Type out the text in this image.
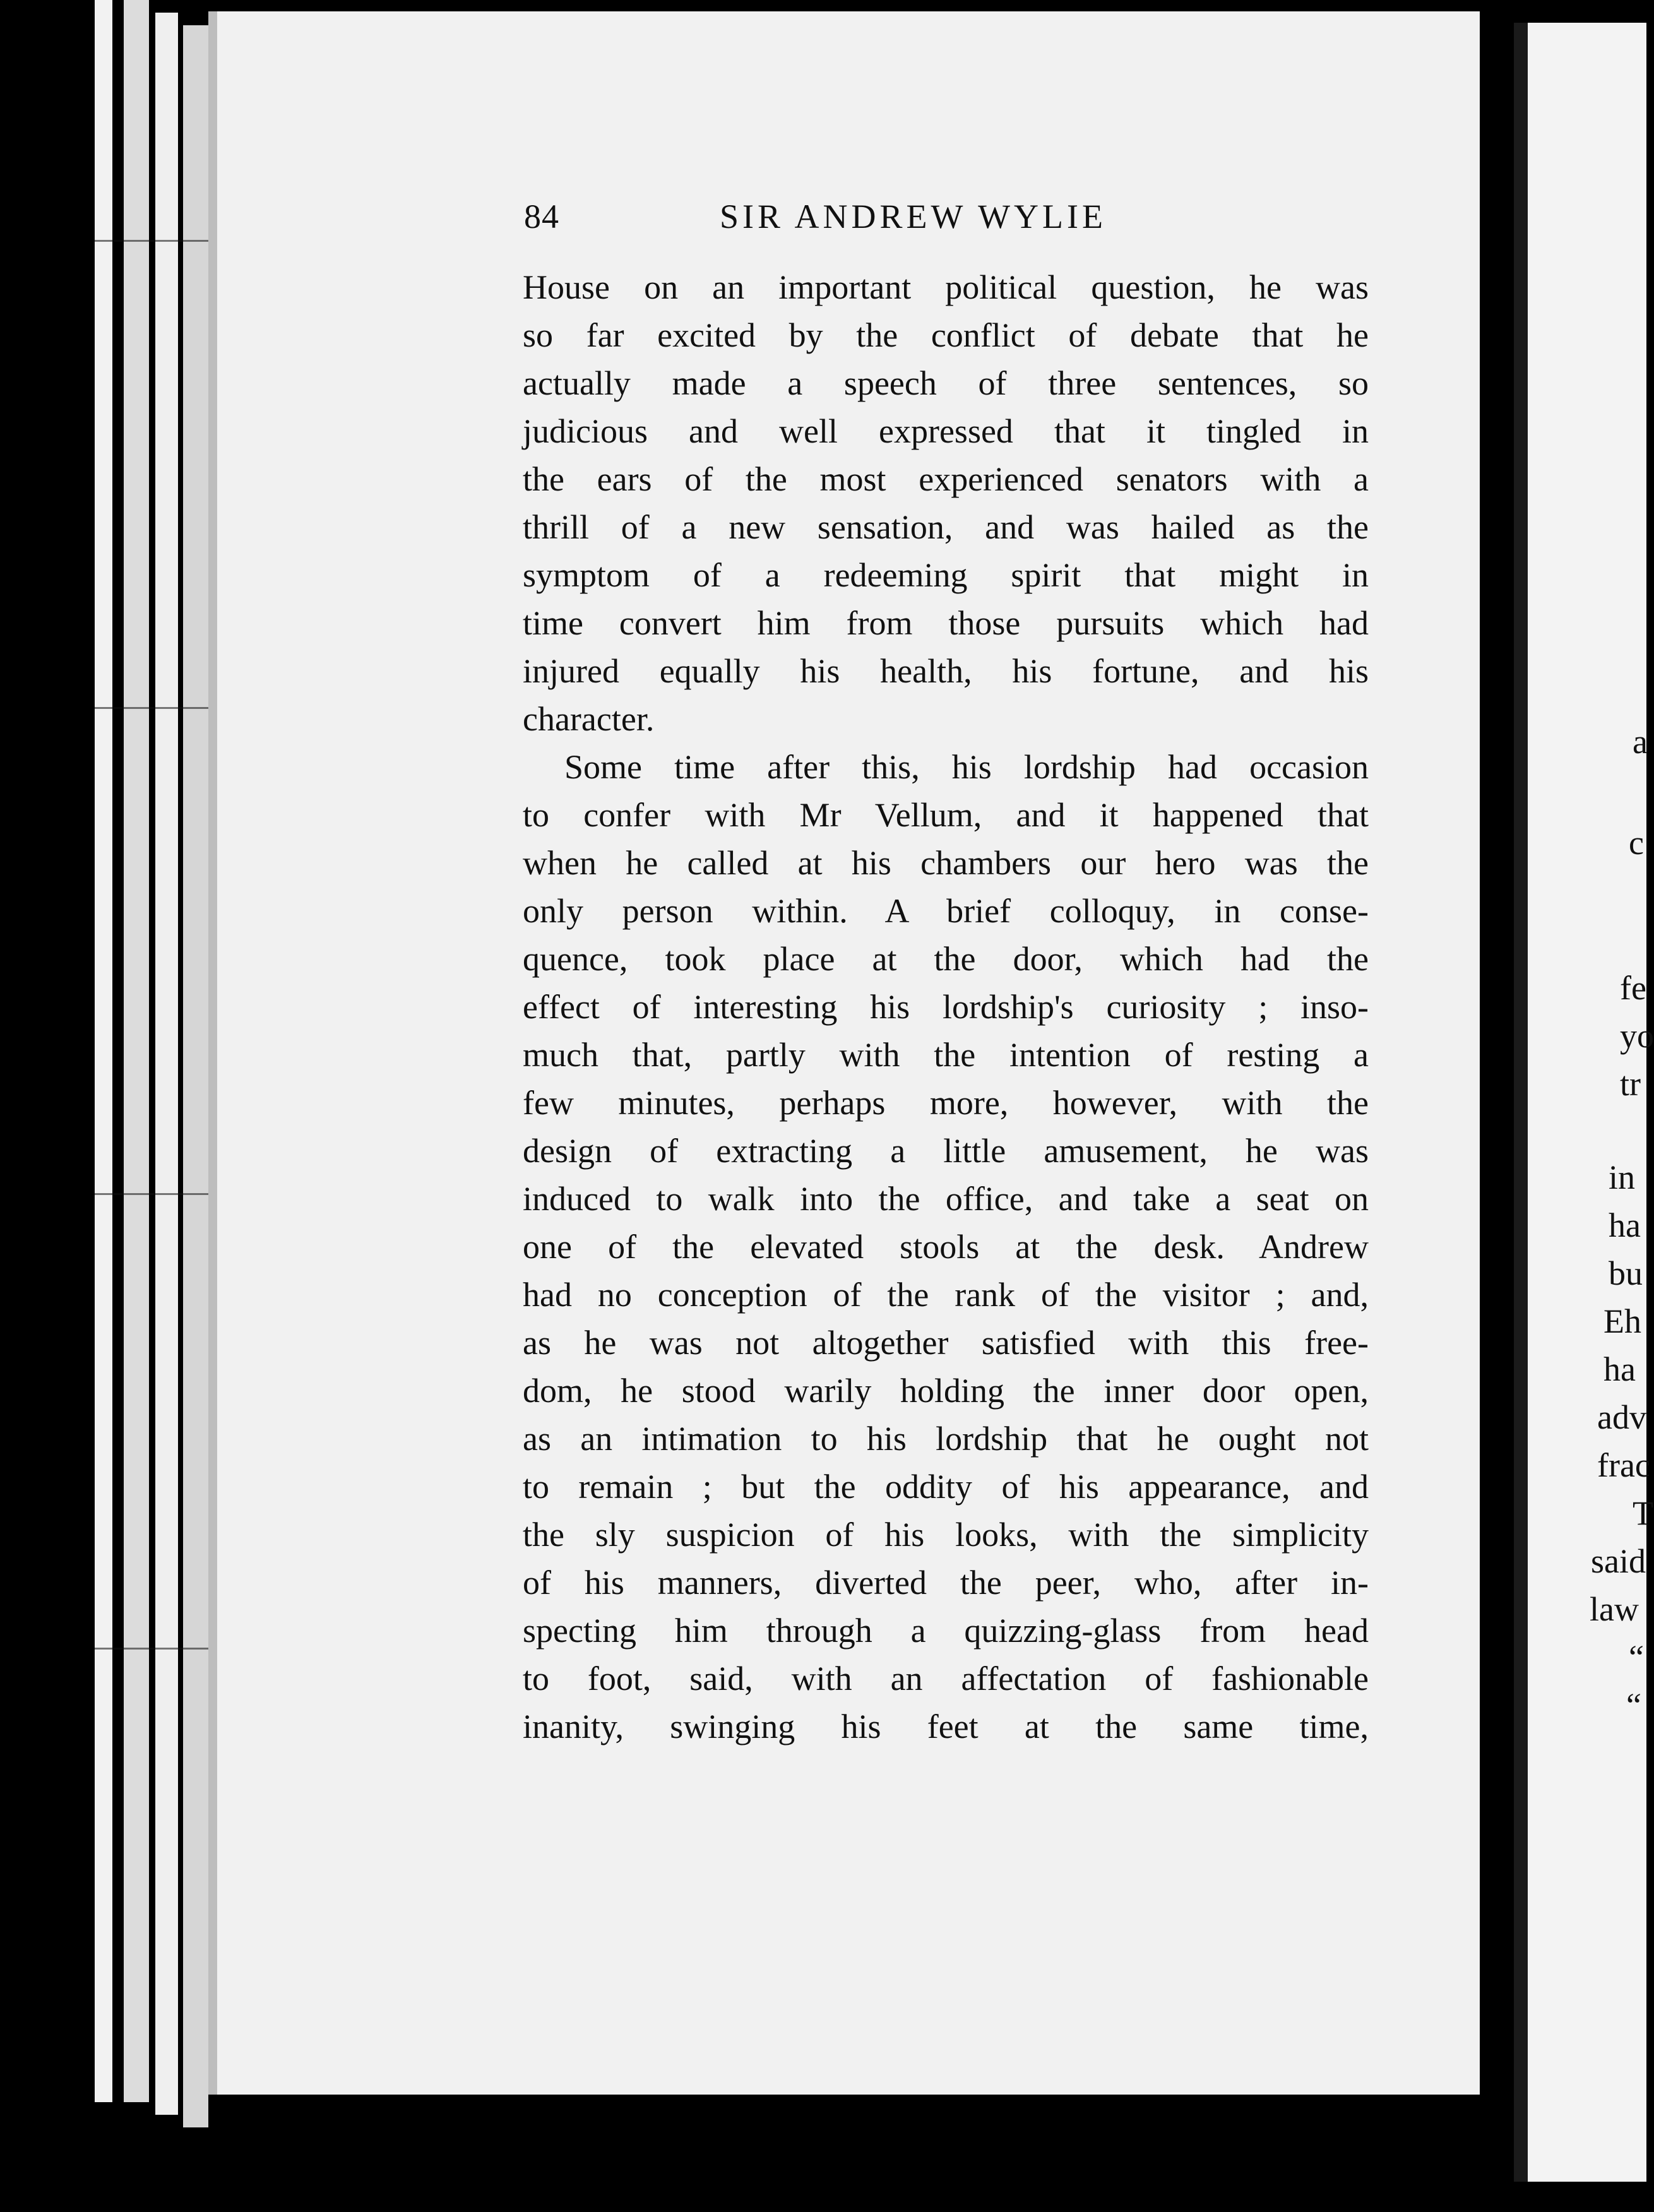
84	SIR ANDREW WYLIE
House on an important political question, he was
so far excited by the conflict of debate that he
actually made a speech of three sentences, so
judicious and well expressed that it tingled in
the ears of the most experienced senators with a
thrill of a new sensation, and was hailed as the
symptom of a redeeming spirit that might in
time convert him from those pursuits which had
injured equally his health, his fortune, and his
character.
Some time after this, his lordship had occasion
to confer with Mr Vellum, and it happened that
when he called at his chambers our hero was the
only person within. A brief colloquy, in conse-
quence, took place at the door, which had the
effect of interesting his lordship's curiosity ; inso-
much that, partly with the intention of resting a
few minutes, perhaps more, however, with the
design of extracting a little amusement, he was
induced to walk into the office, and take a seat on
one of the elevated stools at the desk. Andrew
had no conception of the rank of the visitor ; and,
as he was not altogether satisfied with this free-
dom, he stood warily holding the inner door open,
as an intimation to his lordship that he ought not
to remain ; but the oddity of his appearance, and
the sly suspicion of his looks, with the simplicity
of his manners, diverted the peer, who, after in-
specting him through a quizzing-glass from head
to foot, said, with an affectation of fashionable
inanity, swinging his feet at the same time,
a
c
fe
yo
tr
in
ha
bu
Eh
ha
adv
frac
T
said
law
“
“
